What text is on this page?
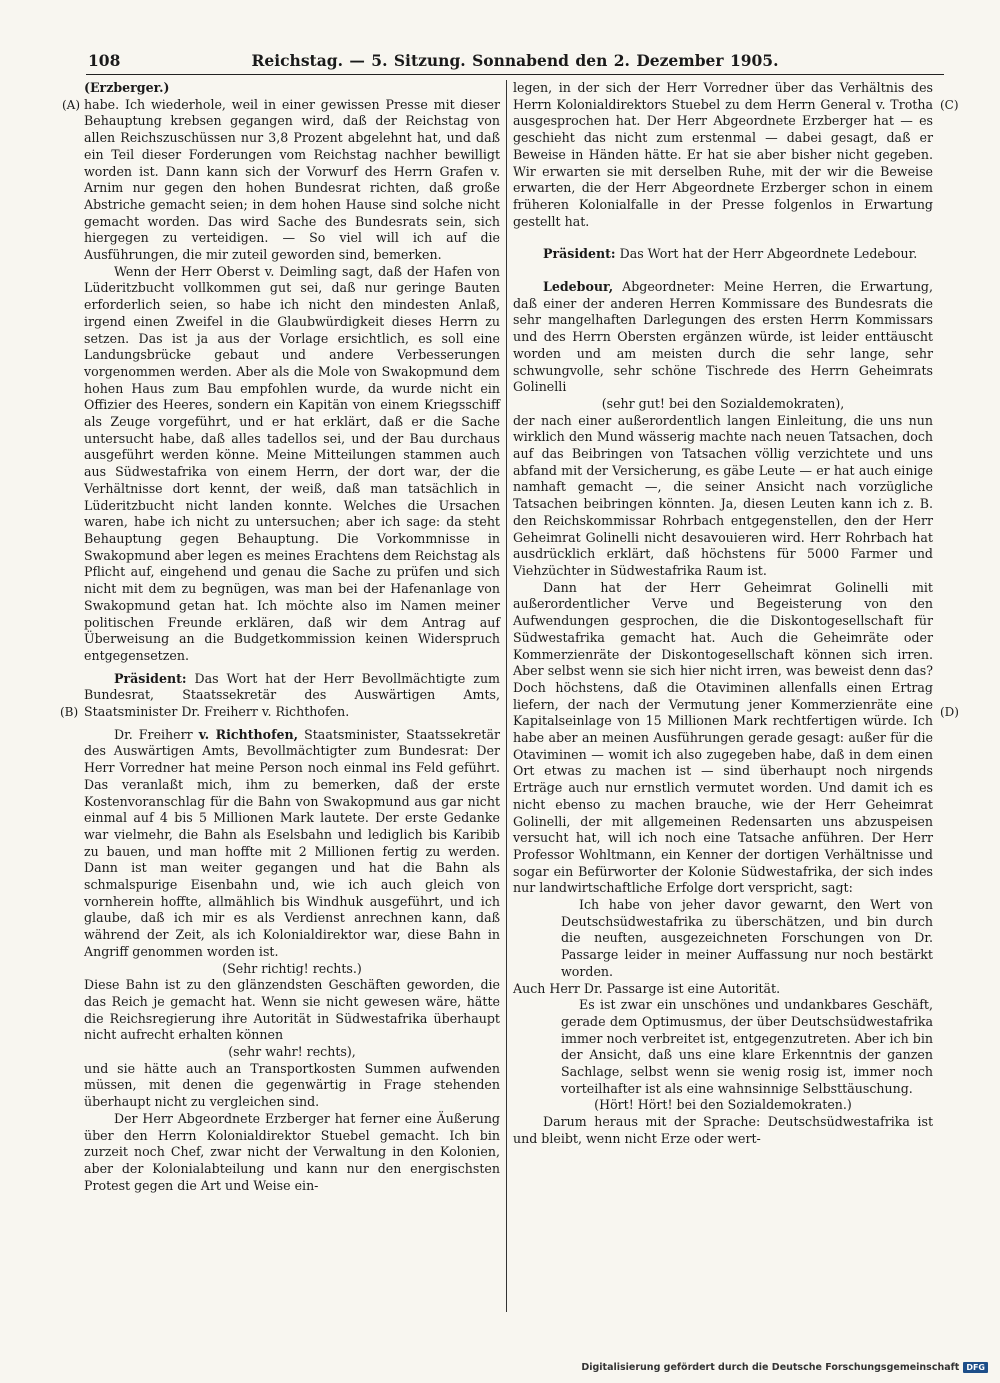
108	Reichstag. — 5. Sitzung. Sonnabend den 2. Dezember 1905.
(A)
(B)
(C)
(D)

(Erzberger.)

habe. Ich wiederhole, weil in einer gewissen Presse mit dieser Behauptung krebsen gegangen wird, daß der Reichstag von allen Reichszuschüssen nur 3,8 Prozent abgelehnt hat, und daß ein Teil dieser Forderungen vom Reichstag nachher bewilligt worden ist. Dann kann sich der Vorwurf des Herrn Grafen v. Arnim nur gegen den hohen Bundesrat richten, daß große Abstriche gemacht seien; in dem hohen Hause sind solche nicht gemacht worden. Das wird Sache des Bundesrats sein, sich hiergegen zu verteidigen. — So viel will ich auf die Ausführungen, die mir zuteil geworden sind, bemerken.

Wenn der Herr Oberst v. Deimling sagt, daß der Hafen von Lüderitzbucht vollkommen gut sei, daß nur geringe Bauten erforderlich seien, so habe ich nicht den mindesten Anlaß, irgend einen Zweifel in die Glaubwürdigkeit dieses Herrn zu setzen. Das ist ja aus der Vorlage ersichtlich, es soll eine Landungsbrücke gebaut und andere Verbesserungen vorgenommen werden. Aber als die Mole von Swakopmund dem hohen Haus zum Bau empfohlen wurde, da wurde nicht ein Offizier des Heeres, sondern ein Kapitän von einem Kriegsschiff als Zeuge vorgeführt, und er hat erklärt, daß er die Sache untersucht habe, daß alles tadellos sei, und der Bau durchaus ausgeführt werden könne. Meine Mitteilungen stammen auch aus Südwestafrika von einem Herrn, der dort war, der die Verhältnisse dort kennt, der weiß, daß man tatsächlich in Lüderitzbucht nicht landen konnte. Welches die Ursachen waren, habe ich nicht zu untersuchen; aber ich sage: da steht Behauptung gegen Behauptung. Die Vorkommnisse in Swakopmund aber legen es meines Erachtens dem Reichstag als Pflicht auf, eingehend und genau die Sache zu prüfen und sich nicht mit dem zu begnügen, was man bei der Hafenanlage von Swakopmund getan hat. Ich möchte also im Namen meiner politischen Freunde erklären, daß wir dem Antrag auf Überweisung an die Budgetkommission keinen Widerspruch entgegensetzen.

Präsident: Das Wort hat der Herr Bevollmächtigte zum Bundesrat, Staatssekretär des Auswärtigen Amts, Staatsminister Dr. Freiherr v. Richthofen.

Dr. Freiherr v. Richthofen, Staatsminister, Staatssekretär des Auswärtigen Amts, Bevollmächtigter zum Bundesrat: Der Herr Vorredner hat meine Person noch einmal ins Feld geführt. Das veranlaßt mich, ihm zu bemerken, daß der erste Kostenvoranschlag für die Bahn von Swakopmund aus gar nicht einmal auf 4 bis 5 Millionen Mark lautete. Der erste Gedanke war vielmehr, die Bahn als Eselsbahn und lediglich bis Karibib zu bauen, und man hoffte mit 2 Millionen fertig zu werden. Dann ist man weiter gegangen und hat die Bahn als schmalspurige Eisenbahn und, wie ich auch gleich von vornherein hoffte, allmählich bis Windhuk ausgeführt, und ich glaube, daß ich mir es als Verdienst anrechnen kann, daß während der Zeit, als ich Kolonialdirektor war, diese Bahn in Angriff genommen worden ist.

(Sehr richtig! rechts.)

Diese Bahn ist zu den glänzendsten Geschäften geworden, die das Reich je gemacht hat. Wenn sie nicht gewesen wäre, hätte die Reichsregierung ihre Autorität in Südwestafrika überhaupt nicht aufrecht erhalten können

(sehr wahr! rechts),

und sie hätte auch an Transportkosten Summen aufwenden müssen, mit denen die gegenwärtig in Frage stehenden überhaupt nicht zu vergleichen sind.

Der Herr Abgeordnete Erzberger hat ferner eine Äußerung über den Herrn Kolonialdirektor Stuebel gemacht. Ich bin zurzeit noch Chef, zwar nicht der Verwaltung in den Kolonien, aber der Kolonialabteilung und kann nur den energischsten Protest gegen die Art und Weise ein-

legen, in der sich der Herr Vorredner über das Verhältnis des Herrn Kolonialdirektors Stuebel zu dem Herrn General v. Trotha ausgesprochen hat. Der Herr Abgeordnete Erzberger hat — es geschieht das nicht zum erstenmal — dabei gesagt, daß er Beweise in Händen hätte. Er hat sie aber bisher nicht gegeben. Wir erwarten sie mit derselben Ruhe, mit der wir die Beweise erwarten, die der Herr Abgeordnete Erzberger schon in einem früheren Kolonialfalle in der Presse folgenlos in Erwartung gestellt hat.

Präsident: Das Wort hat der Herr Abgeordnete Ledebour.

Ledebour, Abgeordneter: Meine Herren, die Erwartung, daß einer der anderen Herren Kommissare des Bundesrats die sehr mangelhaften Darlegungen des ersten Herrn Kommissars und des Herrn Obersten ergänzen würde, ist leider enttäuscht worden und am meisten durch die sehr lange, sehr schwungvolle, sehr schöne Tischrede des Herrn Geheimrats Golinelli

(sehr gut! bei den Sozialdemokraten),

der nach einer außerordentlich langen Einleitung, die uns nun wirklich den Mund wässerig machte nach neuen Tatsachen, doch auf das Beibringen von Tatsachen völlig verzichtete und uns abfand mit der Versicherung, es gäbe Leute — er hat auch einige namhaft gemacht —, die seiner Ansicht nach vorzügliche Tatsachen beibringen könnten. Ja, diesen Leuten kann ich z. B. den Reichskommissar Rohrbach entgegenstellen, den der Herr Geheimrat Golinelli nicht desavouieren wird. Herr Rohrbach hat ausdrücklich erklärt, daß höchstens für 5000 Farmer und Viehzüchter in Südwestafrika Raum ist.

Dann hat der Herr Geheimrat Golinelli mit außerordentlicher Verve und Begeisterung von den Aufwendungen gesprochen, die die Diskontogesellschaft für Südwestafrika gemacht hat. Auch die Geheimräte oder Kommerzienräte der Diskontogesellschaft können sich irren. Aber selbst wenn sie sich hier nicht irren, was beweist denn das? Doch höchstens, daß die Otaviminen allenfalls einen Ertrag liefern, der nach der Vermutung jener Kommerzienräte eine Kapitalseinlage von 15 Millionen Mark rechtfertigen würde. Ich habe aber an meinen Ausführungen gerade gesagt: außer für die Otaviminen — womit ich also zugegeben habe, daß in dem einen Ort etwas zu machen ist — sind überhaupt noch nirgends Erträge auch nur ernstlich vermutet worden. Und damit ich es nicht ebenso zu machen brauche, wie der Herr Geheimrat Golinelli, der mit allgemeinen Redensarten uns abzuspeisen versucht hat, will ich noch eine Tatsache anführen. Der Herr Professor Wohltmann, ein Kenner der dortigen Verhältnisse und sogar ein Befürworter der Kolonie Südwestafrika, der sich indes nur landwirtschaftliche Erfolge dort verspricht, sagt:

Ich habe von jeher davor gewarnt, den Wert von Deutschsüdwestafrika zu überschätzen, und bin durch die neuften, ausgezeichneten Forschungen von Dr. Passarge leider in meiner Auffassung nur noch bestärkt worden.

Auch Herr Dr. Passarge ist eine Autorität.

Es ist zwar ein unschönes und undankbares Geschäft, gerade dem Optimusmus, der über Deutschsüdwestafrika immer noch verbreitet ist, entgegenzutreten. Aber ich bin der Ansicht, daß uns eine klare Erkenntnis der ganzen Sachlage, selbst wenn sie wenig rosig ist, immer noch vorteilhafter ist als eine wahnsinnige Selbsttäuschung.

(Hört! Hört! bei den Sozialdemokraten.)

Darum heraus mit der Sprache: Deutschsüdwestafrika ist und bleibt, wenn nicht Erze oder wert-

Digitalisierung gefördert durch die Deutsche Forschungsgemeinschaft DFG
